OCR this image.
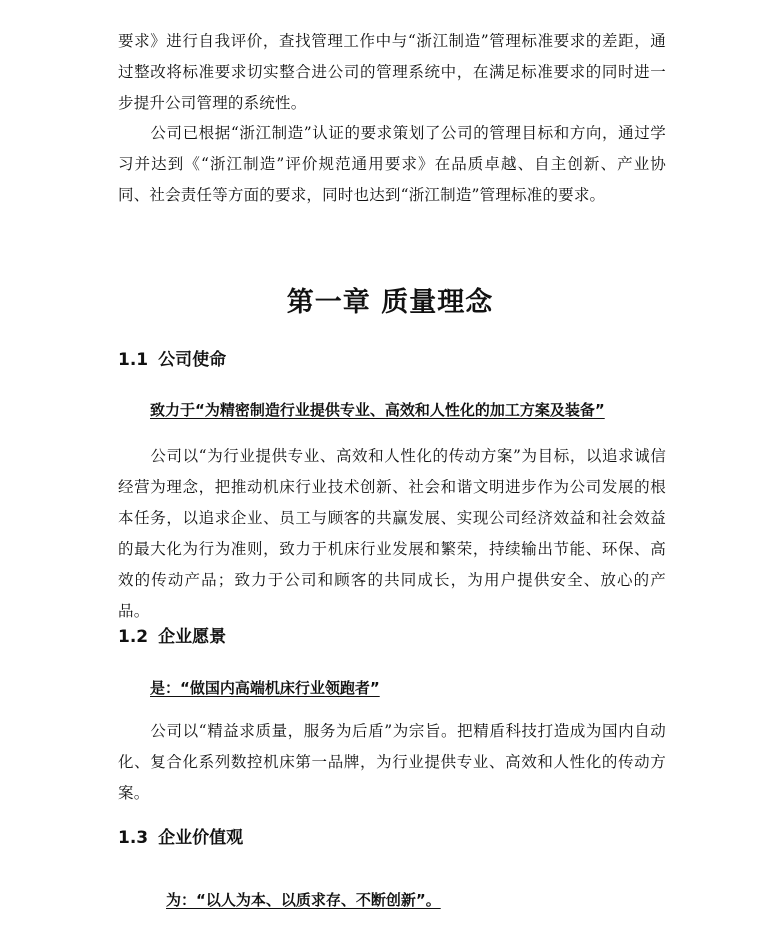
要求》进行自我评价，查找管理工作中与“浙江制造”管理标准要求的差距，通过整改将标准要求切实整合进公司的管理系统中，在满足标准要求的同时进一步提升公司管理的系统性。

公司已根据“浙江制造”认证的要求策划了公司的管理目标和方向，通过学习并达到《“浙江制造”评价规范通用要求》在品质卓越、自主创新、产业协同、社会责任等方面的要求，同时也达到“浙江制造”管理标准的要求。

第一章 质量理念
1.1 公司使命

致力于“为精密制造行业提供专业、高效和人性化的加工方案及装备”

公司以“为行业提供专业、高效和人性化的传动方案”为目标，以追求诚信经营为理念，把推动机床行业技术创新、社会和谐文明进步作为公司发展的根本任务，以追求企业、员工与顾客的共赢发展、实现公司经济效益和社会效益的最大化为行为准则，致力于机床行业发展和繁荣，持续输出节能、环保、高效的传动产品；致力于公司和顾客的共同成长，为用户提供安全、放心的产品。

1.2 企业愿景

是：“做国内高端机床行业领跑者”

公司以“精益求质量，服务为后盾”为宗旨。把精盾科技打造成为国内自动化、复合化系列数控机床第一品牌，为行业提供专业、高效和人性化的传动方案。

1.3 企业价值观

为：“以人为本、以质求存、不断创新”。
